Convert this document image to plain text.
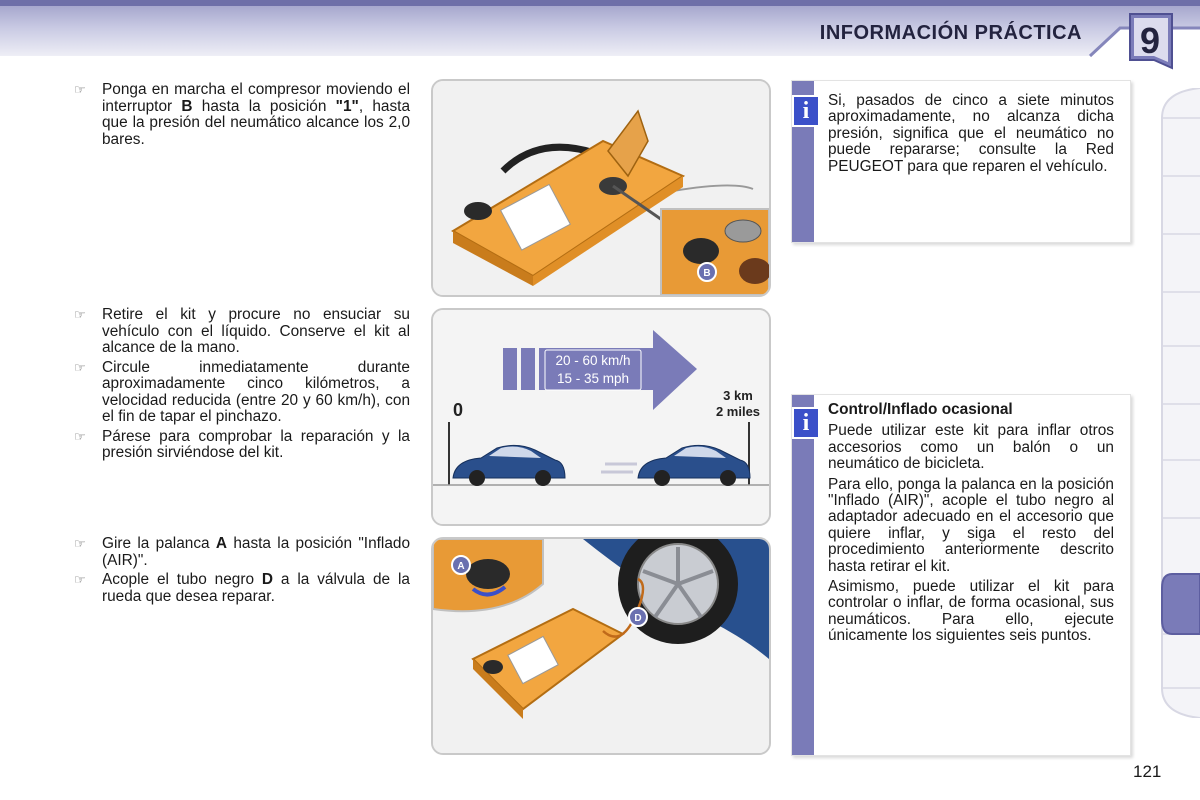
INFORMACIÓN PRÁCTICA	9
☞ Ponga en marcha el compresor moviendo el interruptor B hasta la posición "1", hasta que la presión del neumático alcance los 2,0 bares.
☞ Retire el kit y procure no ensuciar su vehículo con el líquido. Conserve el kit al alcance de la mano.
☞ Circule inmediatamente durante aproximadamente cinco kilómetros, a velocidad reducida (entre 20 y 60 km/h), con el fin de tapar el pinchazo.
☞ Párese para comprobar la reparación y la presión sirviéndose del kit.
☞ Gire la palanca A hasta la posición "Inflado (AIR)".
☞ Acople el tubo negro D a la válvula de la rueda que desea reparar.
B
20 - 60 km/h
15 - 35 mph
0
3 km
2 miles
A
D
i	Si, pasados de cinco a siete minutos aproximadamente, no alcanza dicha presión, significa que el neumático no puede repararse; consulte la Red PEUGEOT para que reparen el vehículo.
i

Control/Inflado ocasional

Puede utilizar este kit para inflar otros accesorios como un balón o un neumático de bicicleta.

Para ello, ponga la palanca en la posición "Inflado (AIR)", acople el tubo negro al adaptador adecuado en el accesorio que quiere inflar, y siga el resto del procedimiento anteriormente descrito hasta retirar el kit.

Asimismo, puede utilizar el kit para controlar o inflar, de forma ocasional, sus neumáticos. Para ello, ejecute únicamente los siguientes seis puntos.

121
